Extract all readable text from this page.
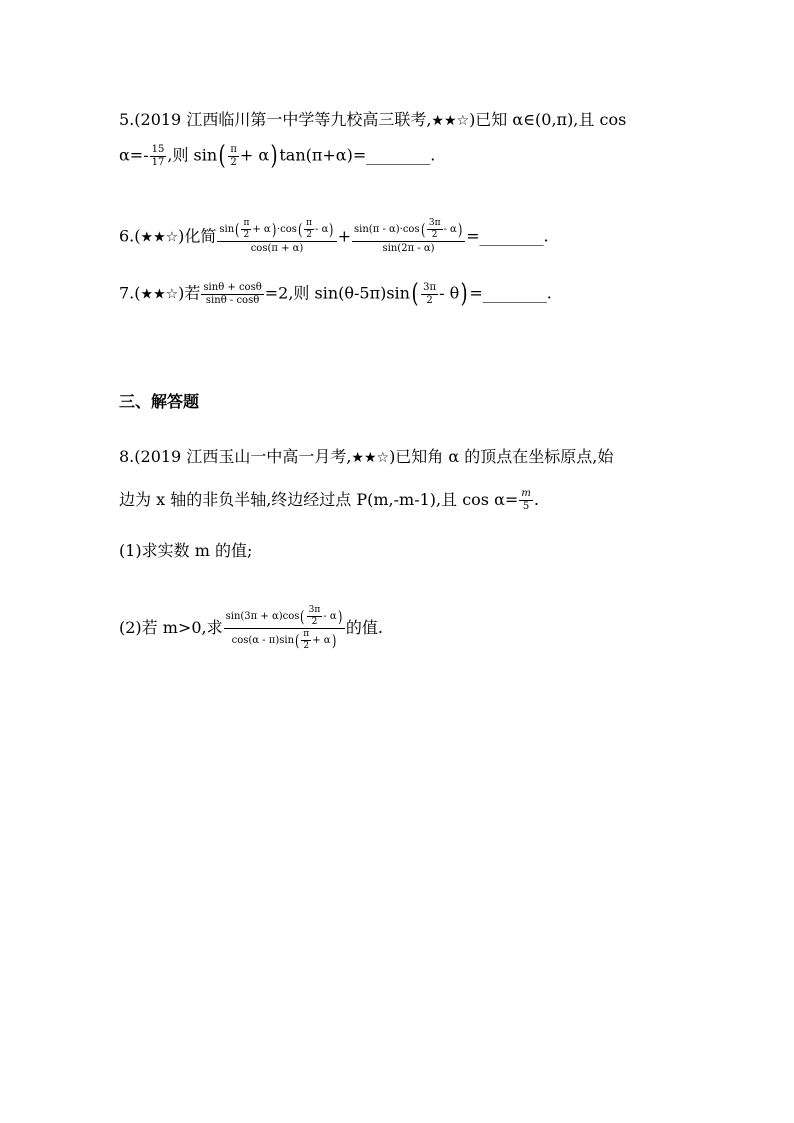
5.(2019 江西临川第一中学等九校高三联考,★★☆)已知 α∈(0,π),且 cos
$\alpha=- \frac{15}{17}$ ,则 $\sin( \frac{\pi}{2}$ + α)tan(π+α)=________.
6.(★★☆)化简 $\frac{\sin( \frac{\pi}{2} + \alpha)\cdot\cos( \frac{\pi}{2} - \alpha)}{\cos(\pi + \alpha)} + \frac{\sin(\pi - \alpha)\cdot\cos( \frac{3\pi}{2} - \alpha)}{\sin(2\pi - \alpha)}$ =________.
7.(★★☆)若 $\frac{\sin\theta + \cos\theta}{\sin\theta - \cos\theta} =2$,则 $\sin(\theta-5\pi)\sin( \frac{3\pi}{2}$ - θ)=________.
三、解答题
8.(2019 江西玉山一中高一月考,★★☆)已知角 α 的顶点在坐标原点,始
边为 x 轴的非负半轴,终边经过点 P(m,-m-1),且 $\cos \alpha= \frac{m}{5}$ .
(1)求实数 m 的值;
(2)若 m>0,求 $\frac{\sin(3\pi + \alpha)\cos( \frac{3\pi}{2} - \alpha)}{\cos(\alpha - \pi)\sin( \frac{\pi}{2} + \alpha)}$ 的值.
